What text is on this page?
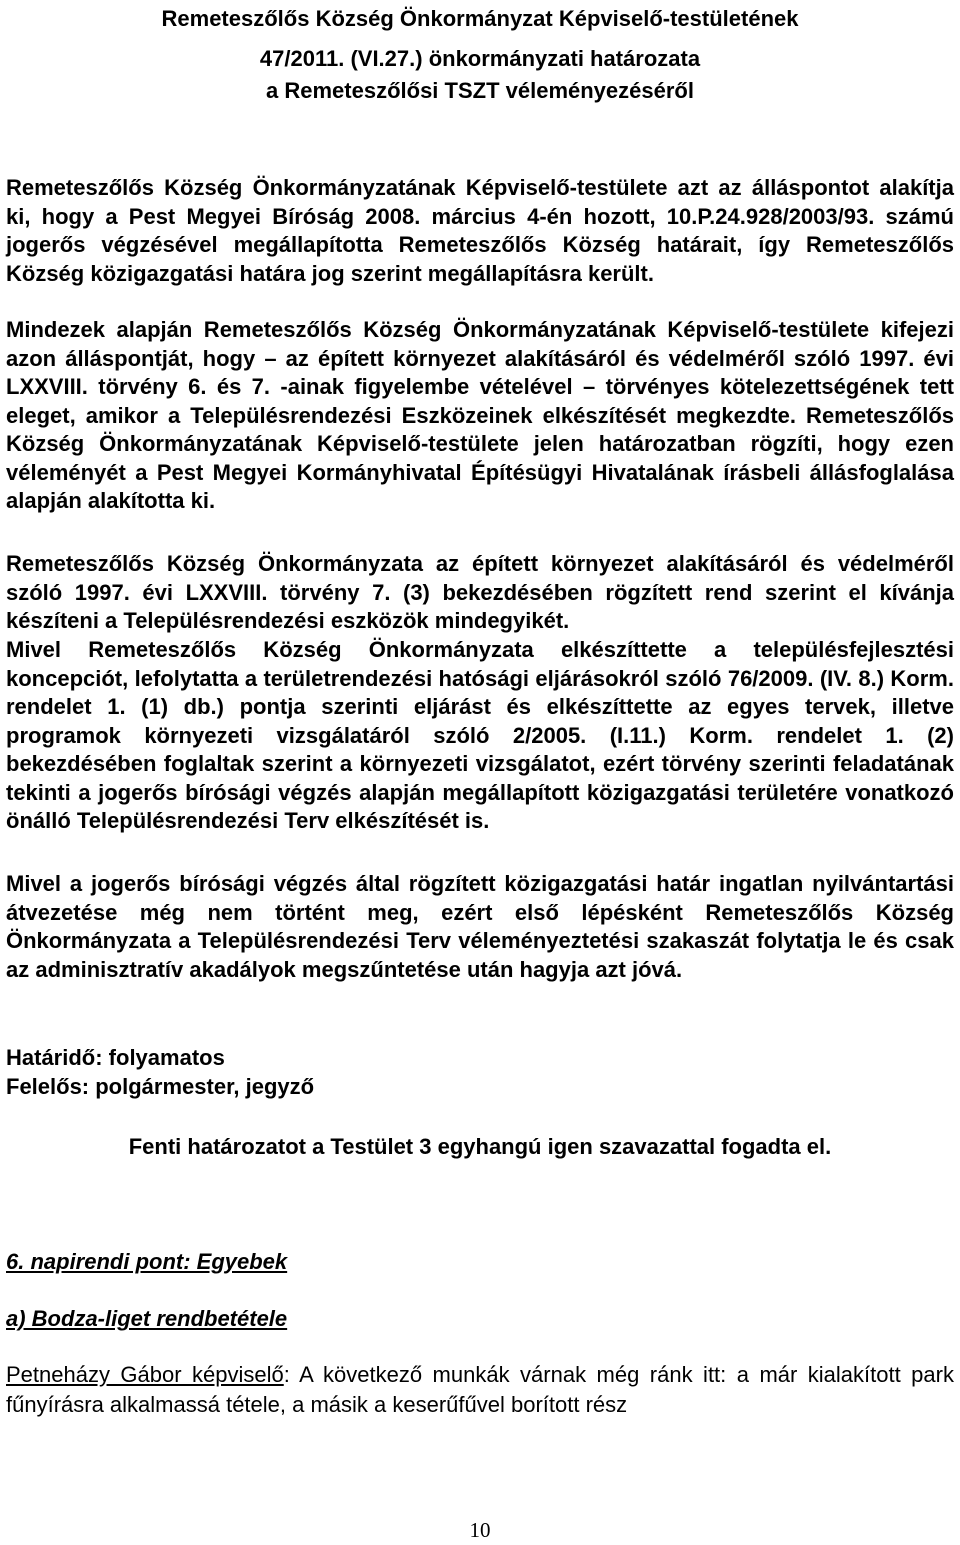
Remeteszőlős Község Önkormányzat Képviselő-testületének
47/2011. (VI.27.) önkormányzati határozata
a Remeteszőlősi TSZT véleményezéséről
Remeteszőlős Község Önkormányzatának Képviselő-testülete azt az álláspontot alakítja ki, hogy a Pest Megyei Bíróság 2008. március 4-én hozott, 10.P.24.928/2003/93. számú jogerős végzésével megállapította Remeteszőlős Község határait, így Remeteszőlős Község közigazgatási határa jog szerint megállapításra került.
Mindezek alapján Remeteszőlős Község Önkormányzatának Képviselő-testülete kifejezi azon álláspontját, hogy – az épített környezet alakításáról és védelméről szóló 1997. évi LXXVIII. törvény 6. és 7. -ainak figyelembe vételével – törvényes kötelezettségének tett eleget, amikor a Településrendezési Eszközeinek elkészítését megkezdte. Remeteszőlős Község Önkormányzatának Képviselő-testülete jelen határozatban rögzíti, hogy ezen véleményét a Pest Megyei Kormányhivatal Építésügyi Hivatalának írásbeli állásfoglalása alapján alakította ki.
Remeteszőlős Község Önkormányzata az épített környezet alakításáról és védelméről szóló 1997. évi LXXVIII. törvény 7. (3) bekezdésében rögzített rend szerint el kívánja készíteni a Településrendezési eszközök mindegyikét.
Mivel Remeteszőlős Község Önkormányzata elkészíttette a településfejlesztési koncepciót, lefolytatta a területrendezési hatósági eljárásokról szóló 76/2009. (IV. 8.) Korm. rendelet 1. (1) db.) pontja szerinti eljárást és elkészíttette az egyes tervek, illetve programok környezeti vizsgálatáról szóló 2/2005. (I.11.) Korm. rendelet 1. (2) bekezdésében foglaltak szerint a környezeti vizsgálatot, ezért törvény szerinti feladatának tekinti a jogerős bírósági végzés alapján megállapított közigazgatási területére vonatkozó önálló Településrendezési Terv elkészítését is.
Mivel a jogerős bírósági végzés által rögzített közigazgatási határ ingatlan nyilvántartási átvezetése még nem történt meg, ezért első lépésként Remeteszőlős Község Önkormányzata a Településrendezési Terv véleményeztetési szakaszát folytatja le és csak az adminisztratív akadályok megszűntetése után hagyja azt jóvá.
Határidő: folyamatos
Felelős: polgármester, jegyző
Fenti határozatot a Testület 3 egyhangú igen szavazattal fogadta el.
6. napirendi pont: Egyebek
a) Bodza-liget rendbetétele
Petneházy Gábor képviselő: A következő munkák várnak még ránk itt: a már kialakított park fűnyírásra alkalmassá tétele, a másik a keserűfűvel borított rész
10
